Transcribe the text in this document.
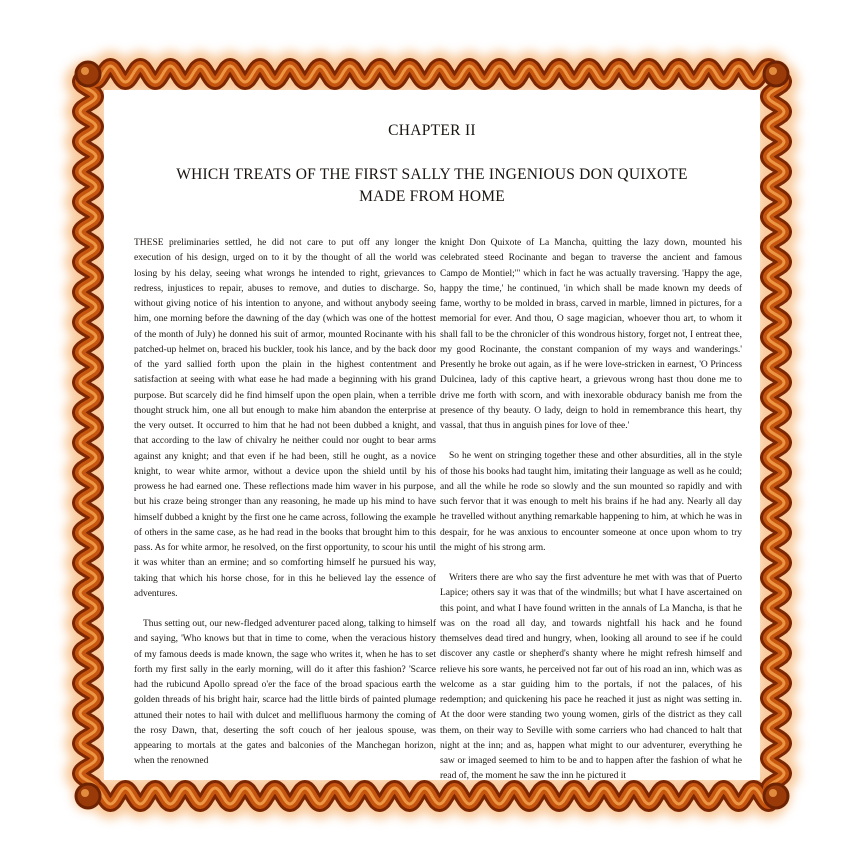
CHAPTER II
WHICH TREATS OF THE FIRST SALLY THE INGENIOUS DON QUIXOTE
MADE FROM HOME

THESE preliminaries settled, he did not care to put off any longer the execution of his design, urged on to it by the thought of all the world was losing by his delay, seeing what wrongs he intended to right, grievances to redress, injustices to repair, abuses to remove, and duties to discharge. So, without giving notice of his intention to anyone, and without anybody seeing him, one morning before the dawning of the day (which was one of the hottest of the month of July) he donned his suit of armor, mounted Rocinante with his patched-up helmet on, braced his buckler, took his lance, and by the back door of the yard sallied forth upon the plain in the highest contentment and satisfaction at seeing with what ease he had made a beginning with his grand purpose. But scarcely did he find himself upon the open plain, when a terrible thought struck him, one all but enough to make him abandon the enterprise at the very outset. It occurred to him that he had not been dubbed a knight, and that according to the law of chivalry he neither could nor ought to bear arms against any knight; and that even if he had been, still he ought, as a novice knight, to wear white armor, without a device upon the shield until by his prowess he had earned one. These reflections made him waver in his purpose, but his craze being stronger than any reasoning, he made up his mind to have himself dubbed a knight by the first one he came across, following the example of others in the same case, as he had read in the books that brought him to this pass. As for white armor, he resolved, on the first opportunity, to scour his until it was whiter than an ermine; and so comforting himself he pursued his way, taking that which his horse chose, for in this he believed lay the essence of adventures.

Thus setting out, our new-fledged adventurer paced along, talking to himself and saying, 'Who knows but that in time to come, when the veracious history of my famous deeds is made known, the sage who writes it, when he has to set forth my first sally in the early morning, will do it after this fashion? 'Scarce had the rubicund Apollo spread o'er the face of the broad spacious earth the golden threads of his bright hair, scarce had the little birds of painted plumage attuned their notes to hail with dulcet and mellifluous harmony the coming of the rosy Dawn, that, deserting the soft couch of her jealous spouse, was appearing to mortals at the gates and balconies of the Manchegan horizon, when the renowned

knight Don Quixote of La Mancha, quitting the lazy down, mounted his celebrated steed Rocinante and began to traverse the ancient and famous Campo de Montiel;'" which in fact he was actually traversing. 'Happy the age, happy the time,' he continued, 'in which shall be made known my deeds of fame, worthy to be molded in brass, carved in marble, limned in pictures, for a memorial for ever. And thou, O sage magician, whoever thou art, to whom it shall fall to be the chronicler of this wondrous history, forget not, I entreat thee, my good Rocinante, the constant companion of my ways and wanderings.' Presently he broke out again, as if he were love-stricken in earnest, 'O Princess Dulcinea, lady of this captive heart, a grievous wrong hast thou done me to drive me forth with scorn, and with inexorable obduracy banish me from the presence of thy beauty. O lady, deign to hold in remembrance this heart, thy vassal, that thus in anguish pines for love of thee.'

So he went on stringing together these and other absurdities, all in the style of those his books had taught him, imitating their language as well as he could; and all the while he rode so slowly and the sun mounted so rapidly and with such fervor that it was enough to melt his brains if he had any. Nearly all day he travelled without anything remarkable happening to him, at which he was in despair, for he was anxious to encounter someone at once upon whom to try the might of his strong arm.

Writers there are who say the first adventure he met with was that of Puerto Lapice; others say it was that of the windmills; but what I have ascertained on this point, and what I have found written in the annals of La Mancha, is that he was on the road all day, and towards nightfall his hack and he found themselves dead tired and hungry, when, looking all around to see if he could discover any castle or shepherd's shanty where he might refresh himself and relieve his sore wants, he perceived not far out of his road an inn, which was as welcome as a star guiding him to the portals, if not the palaces, of his redemption; and quickening his pace he reached it just as night was setting in. At the door were standing two young women, girls of the district as they call them, on their way to Seville with some carriers who had chanced to halt that night at the inn; and as, happen what might to our adventurer, everything he saw or imaged seemed to him to be and to happen after the fashion of what he read of, the moment he saw the inn he pictured it
